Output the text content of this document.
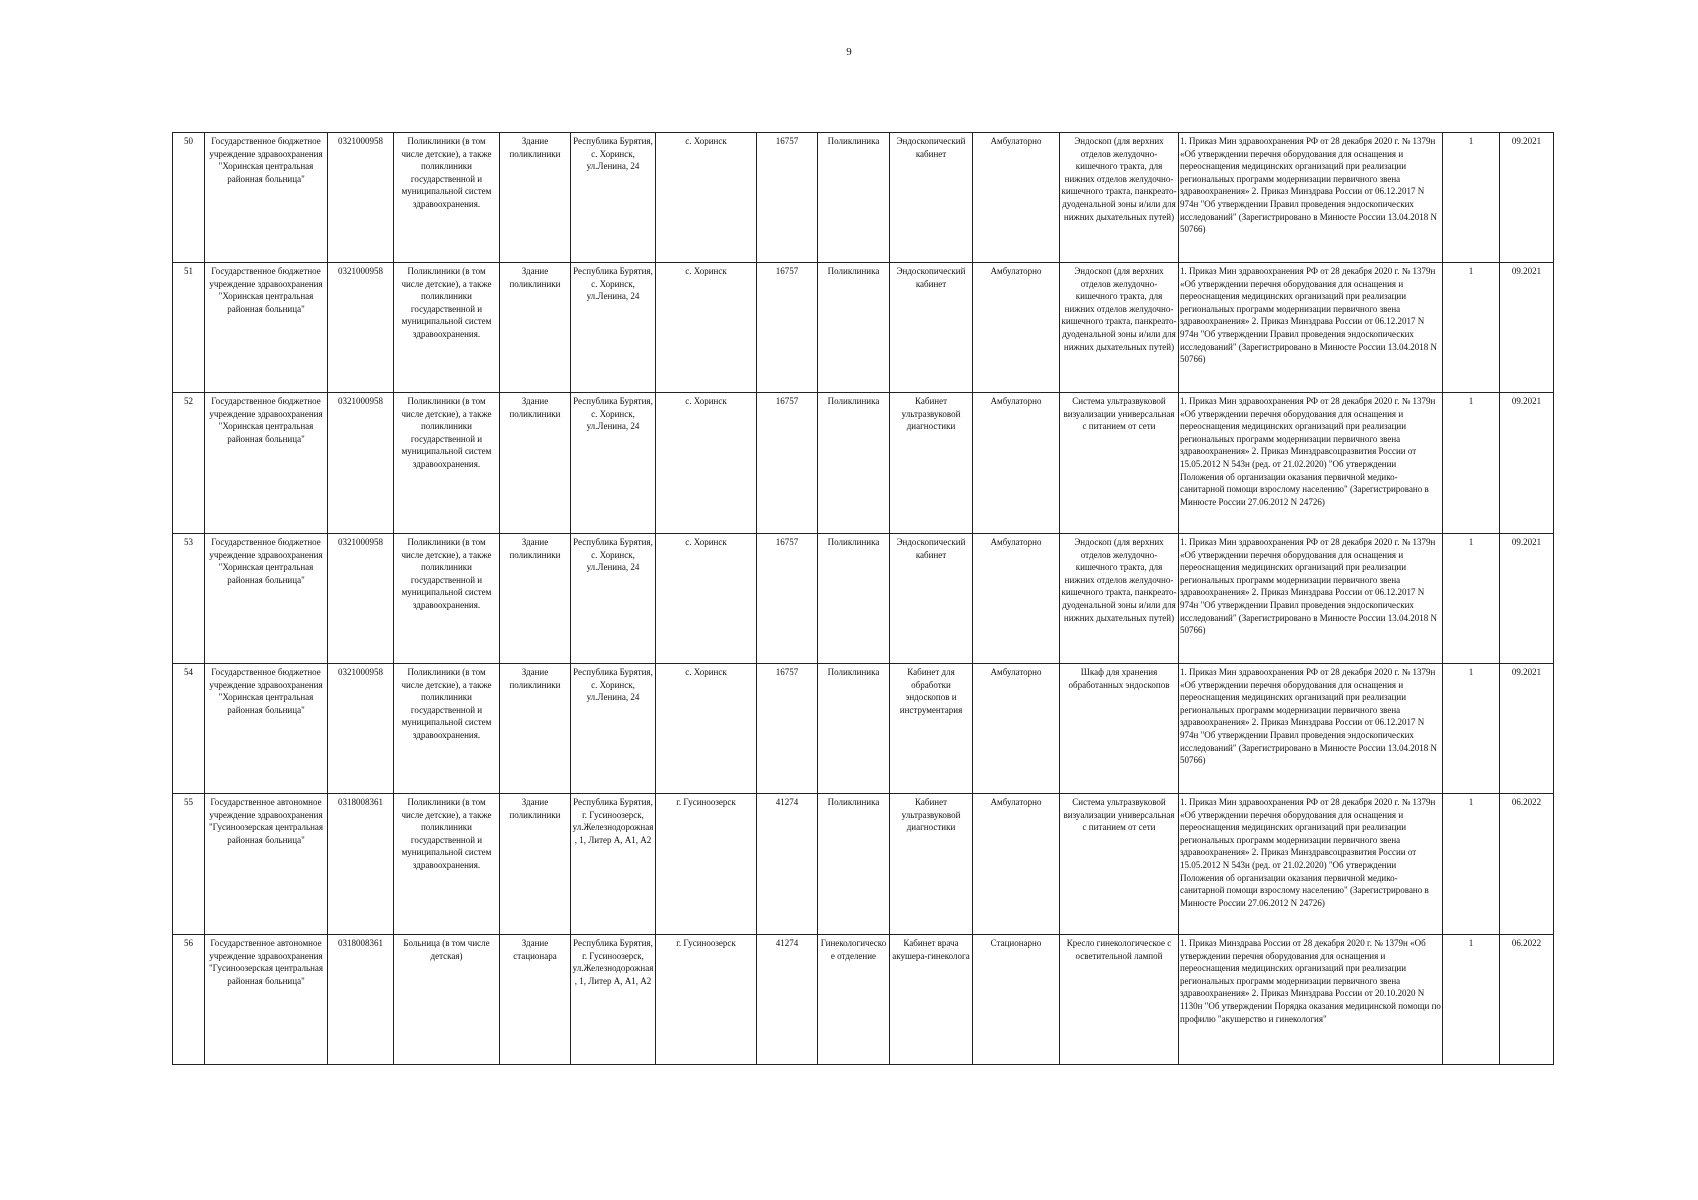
9
50	Государственное бюджетное учреждение здравоохранения "Хоринская центральная районная больница"	0321000958	Поликлиники (в том числе детские), а также поликлиники государственной и муниципальной систем здравоохранения.	Здание поликлиники	Республика Бурятия, с. Хоринск, ул.Ленина, 24	с. Хоринск	16757	Поликлиника	Эндоскопический кабинет	Амбулаторно	Эндоскоп (для верхних отделов желудочно-кишечного тракта, для нижних отделов желудочно-кишечного тракта, панкреато-дуоденальной зоны и/или для нижних дыхательных путей)	1. Приказ Мин здравоохранения РФ от 28 декабря 2020 г. № 1379н «Об утверждении перечня оборудования для оснащения и переоснащения медицинских организаций при реализации региональных программ модернизации первичного звена здравоохранения» 2. Приказ Минздрава России от 06.12.2017 N 974н "Об утверждении Правил проведения эндоскопических исследований" (Зарегистрировано в Минюсте России 13.04.2018 N 50766)	1	09.2021
51	Государственное бюджетное учреждение здравоохранения "Хоринская центральная районная больница"	0321000958	Поликлиники (в том числе детские), а также поликлиники государственной и муниципальной систем здравоохранения.	Здание поликлиники	Республика Бурятия, с. Хоринск, ул.Ленина, 24	с. Хоринск	16757	Поликлиника	Эндоскопический кабинет	Амбулаторно	Эндоскоп (для верхних отделов желудочно-кишечного тракта, для нижних отделов желудочно-кишечного тракта, панкреато-дуоденальной зоны и/или для нижних дыхательных путей)	1. Приказ Мин здравоохранения РФ от 28 декабря 2020 г. № 1379н «Об утверждении перечня оборудования для оснащения и переоснащения медицинских организаций при реализации региональных программ модернизации первичного звена здравоохранения» 2. Приказ Минздрава России от 06.12.2017 N 974н "Об утверждении Правил проведения эндоскопических исследований" (Зарегистрировано в Минюсте России 13.04.2018 N 50766)	1	09.2021
52	Государственное бюджетное учреждение здравоохранения "Хоринская центральная районная больница"	0321000958	Поликлиники (в том числе детские), а также поликлиники государственной и муниципальной систем здравоохранения.	Здание поликлиники	Республика Бурятия, с. Хоринск, ул.Ленина, 24	с. Хоринск	16757	Поликлиника	Кабинет ультразвуковой диагностики	Амбулаторно	Система ультразвуковой визуализации универсальная с питанием от сети	1. Приказ Мин здравоохранения РФ от 28 декабря 2020 г. № 1379н «Об утверждении перечня оборудования для оснащения и переоснащения медицинских организаций при реализации региональных программ модернизации первичного звена здравоохранения» 2. Приказ Минздравсоцразвития России от 15.05.2012 N 543н (ред. от 21.02.2020) "Об утверждении Положения об организации оказания первичной медико-санитарной помощи взрослому населению" (Зарегистрировано в Минюсте России 27.06.2012 N 24726)	1	09.2021
53	Государственное бюджетное учреждение здравоохранения "Хоринская центральная районная больница"	0321000958	Поликлиники (в том числе детские), а также поликлиники государственной и муниципальной систем здравоохранения.	Здание поликлиники	Республика Бурятия, с. Хоринск, ул.Ленина, 24	с. Хоринск	16757	Поликлиника	Эндоскопический кабинет	Амбулаторно	Эндоскоп (для верхних отделов желудочно-кишечного тракта, для нижних отделов желудочно-кишечного тракта, панкреато-дуоденальной зоны и/или для нижних дыхательных путей)	1. Приказ Мин здравоохранения РФ от 28 декабря 2020 г. № 1379н «Об утверждении перечня оборудования для оснащения и переоснащения медицинских организаций при реализации региональных программ модернизации первичного звена здравоохранения» 2. Приказ Минздрава России от 06.12.2017 N 974н "Об утверждении Правил проведения эндоскопических исследований" (Зарегистрировано в Минюсте России 13.04.2018 N 50766)	1	09.2021
54	Государственное бюджетное учреждение здравоохранения "Хоринская центральная районная больница"	0321000958	Поликлиники (в том числе детские), а также поликлиники государственной и муниципальной систем здравоохранения.	Здание поликлиники	Республика Бурятия, с. Хоринск, ул.Ленина, 24	с. Хоринск	16757	Поликлиника	Кабинет для обработки эндоскопов и инструментария	Амбулаторно	Шкаф для хранения обработанных эндоскопов	1. Приказ Мин здравоохранения РФ от 28 декабря 2020 г. № 1379н «Об утверждении перечня оборудования для оснащения и переоснащения медицинских организаций при реализации региональных программ модернизации первичного звена здравоохранения» 2. Приказ Минздрава России от 06.12.2017 N 974н "Об утверждении Правил проведения эндоскопических исследований" (Зарегистрировано в Минюсте России 13.04.2018 N 50766)	1	09.2021
55	Государственное автономное учреждение здравоохранения "Гусиноозерская центральная районная больница"	0318008361	Поликлиники (в том числе детские), а также поликлиники государственной и муниципальной систем здравоохранения.	Здание поликлиники	Республика Бурятия, г. Гусиноозерск, ул.Железнодорожная, 1, Литер А, А1, А2	г. Гусиноозерск	41274	Поликлиника	Кабинет ультразвуковой диагностики	Амбулаторно	Система ультразвуковой визуализации универсальная с питанием от сети	1. Приказ Мин здравоохранения РФ от 28 декабря 2020 г. № 1379н «Об утверждении перечня оборудования для оснащения и переоснащения медицинских организаций при реализации региональных программ модернизации первичного звена здравоохранения» 2. Приказ Минздравсоцразвития России от 15.05.2012 N 543н (ред. от 21.02.2020) "Об утверждении Положения об организации оказания первичной медико-санитарной помощи взрослому населению" (Зарегистрировано в Минюсте России 27.06.2012 N 24726)	1	06.2022
56	Государственное автономное учреждение здравоохранения "Гусиноозерская центральная районная больница"	0318008361	Больница (в том числе детская)	Здание стационара	Республика Бурятия, г. Гусиноозерск, ул.Железнодорожная, 1, Литер А, А1, А2	г. Гусиноозерск	41274	Гинекологическое отделение	Кабинет врача акушера-гинеколога	Стационарно	Кресло гинекологическое с осветительной лампой	1. Приказ Минздрава России от 28 декабря 2020 г. № 1379н «Об утверждении перечня оборудования для оснащения и переоснащения медицинских организаций при реализации региональных программ модернизации первичного звена здравоохранения» 2. Приказ Минздрава России от 20.10.2020 N 1130н "Об утверждении Порядка оказания медицинской помощи по профилю "акушерство и гинекология"	1	06.2022
